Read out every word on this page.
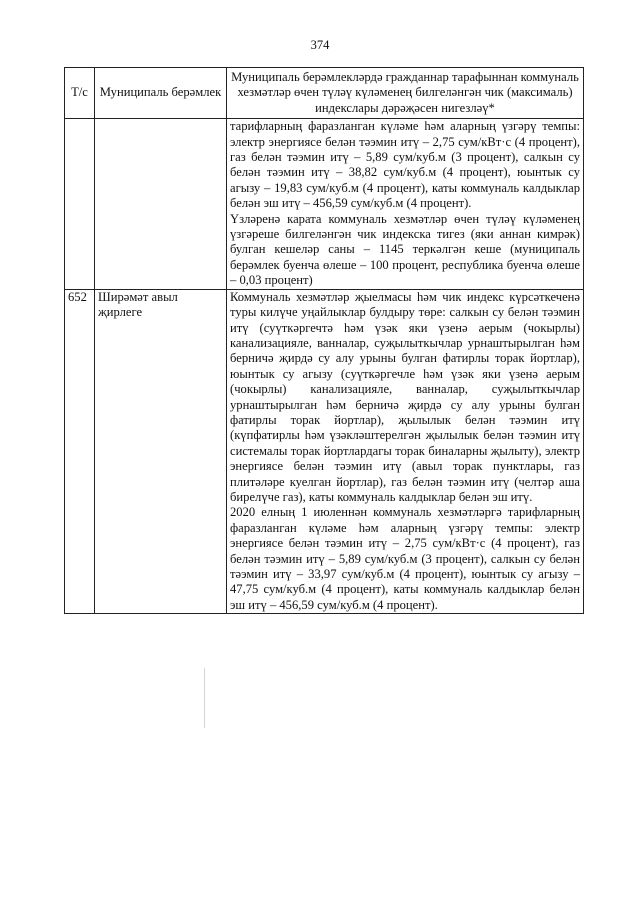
374
Т/с	Муниципаль берәмлек	Муниципаль берәмлекләрдә гражданнар тарафыннан коммуналь хезмәтләр өчен түләү күләменең билгеләнгән чик (максималь) индекслары дәрәҗәсен нигезләү*

		тарифларның фаразланган күләме һәм аларның үзгәрү темпы: электр энергиясе белән тәэмин итү – 2,75 сум/кВт·с (4 процент), газ белән тәэмин итү – 5,89 сум/куб.м (3 процент), салкын су белән тәэмин итү – 38,82 сум/куб.м (4 процент), юынтык су агызу – 19,83 сум/куб.м (4 процент), каты коммуналь калдыклар белән эш итү – 456,59 сум/куб.м (4 процент).

Үзләренә карата коммуналь хезмәтләр өчен түләү күләменең үзгәреше билгеләнгән чик индекска тигез (яки аннан кимрәк) булган кешеләр саны – 1145 теркәлгән кеше (муниципаль берәмлек буенча өлеше – 100 процент, республика буенча өлеше – 0,03 процент)

652	Ширәмәт авыл җирлеге	Коммуналь хезмәтләр җыелмасы һәм чик индекс күрсәткеченә туры килүче уңайлыклар булдыру төре: салкын су белән тәэмин итү (суүткәргечтә һәм үзәк яки үзенә аерым (чокырлы) канализацияле, ванналар, суҗылыткычлар урнаштырылган һәм берничә җирдә су алу урыны булган фатирлы торак йортлар), юынтык су агызу (суүткәргечле һәм үзәк яки үзенә аерым (чокырлы) канализацияле, ванналар, суҗылыткычлар урнаштырылган һәм берничә җирдә су алу урыны булган фатирлы торак йортлар), җылылык белән тәэмин итү (күпфатирлы һәм үзәкләштерелгән җылылык белән тәэмин итү системалы торак йортлардагы торак биналарны җылыту), электр энергиясе белән тәэмин итү (авыл торак пунктлары, газ плитәләре куелган йортлар), газ белән тәэмин итү (челтәр аша бирелүче газ), каты коммуналь калдыклар белән эш итү.

2020 елның 1 июленнән коммуналь хезмәтләргә тарифларның фаразланган күләме һәм аларның үзгәрү темпы: электр энергиясе белән тәэмин итү – 2,75 сум/кВт·с (4 процент), газ белән тәэмин итү – 5,89 сум/куб.м (3 процент), салкын су белән тәэмин итү – 33,97 сум/куб.м (4 процент), юынтык су агызу – 47,75 сум/куб.м (4 процент), каты коммуналь калдыклар белән эш итү – 456,59 сум/куб.м (4 процент).
